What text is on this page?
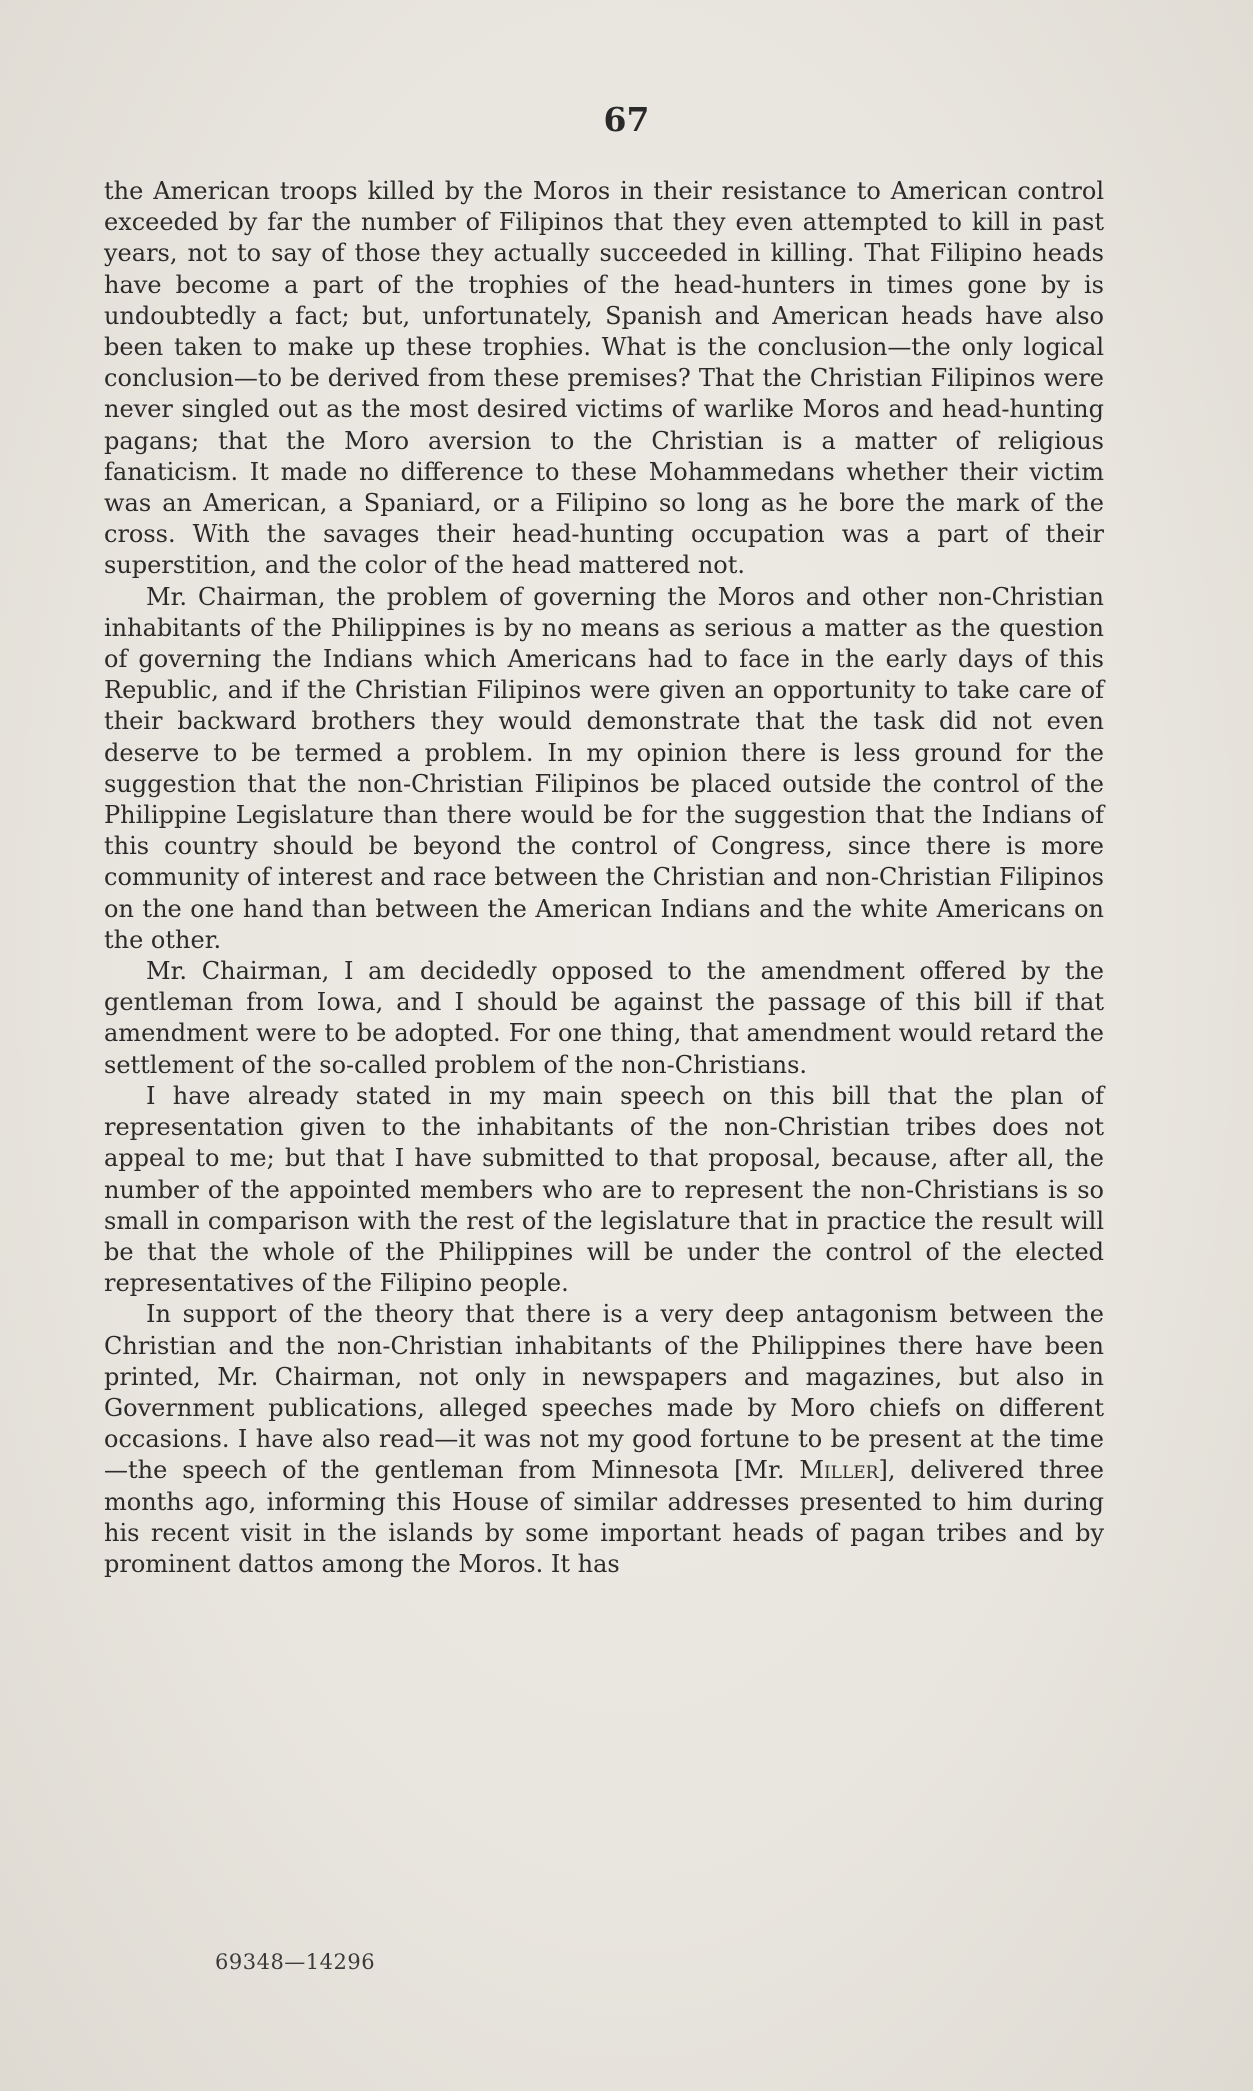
67

the American troops killed by the Moros in their resistance to American control exceeded by far the number of Filipinos that they even attempted to kill in past years, not to say of those they actually succeeded in killing. That Filipino heads have become a part of the trophies of the head-hunters in times gone by is undoubtedly a fact; but, unfortunately, Spanish and American heads have also been taken to make up these trophies. What is the conclusion—the only logical conclusion—to be derived from these premises? That the Christian Filipinos were never singled out as the most desired victims of warlike Moros and head-hunting pagans; that the Moro aversion to the Christian is a matter of religious fanaticism. It made no difference to these Mohammedans whether their victim was an American, a Spaniard, or a Filipino so long as he bore the mark of the cross. With the savages their head-hunting occupation was a part of their superstition, and the color of the head mattered not.

Mr. Chairman, the problem of governing the Moros and other non-Christian inhabitants of the Philippines is by no means as serious a matter as the question of governing the Indians which Americans had to face in the early days of this Republic, and if the Christian Filipinos were given an opportunity to take care of their backward brothers they would demonstrate that the task did not even deserve to be termed a problem. In my opinion there is less ground for the suggestion that the non-Christian Filipinos be placed outside the control of the Philippine Legislature than there would be for the suggestion that the Indians of this country should be beyond the control of Congress, since there is more community of interest and race between the Christian and non-Christian Filipinos on the one hand than between the American Indians and the white Americans on the other.

Mr. Chairman, I am decidedly opposed to the amendment offered by the gentleman from Iowa, and I should be against the passage of this bill if that amendment were to be adopted. For one thing, that amendment would retard the settlement of the so-called problem of the non-Christians.

I have already stated in my main speech on this bill that the plan of representation given to the inhabitants of the non-Christian tribes does not appeal to me; but that I have submitted to that proposal, because, after all, the number of the appointed members who are to represent the non-Christians is so small in comparison with the rest of the legislature that in practice the result will be that the whole of the Philippines will be under the control of the elected representatives of the Filipino people.

In support of the theory that there is a very deep antagonism between the Christian and the non-Christian inhabitants of the Philippines there have been printed, Mr. Chairman, not only in newspapers and magazines, but also in Government publications, alleged speeches made by Moro chiefs on different occasions. I have also read—it was not my good fortune to be present at the time—the speech of the gentleman from Minnesota [Mr. Miller], delivered three months ago, informing this House of similar addresses presented to him during his recent visit in the islands by some important heads of pagan tribes and by prominent dattos among the Moros. It has

69348—14296
